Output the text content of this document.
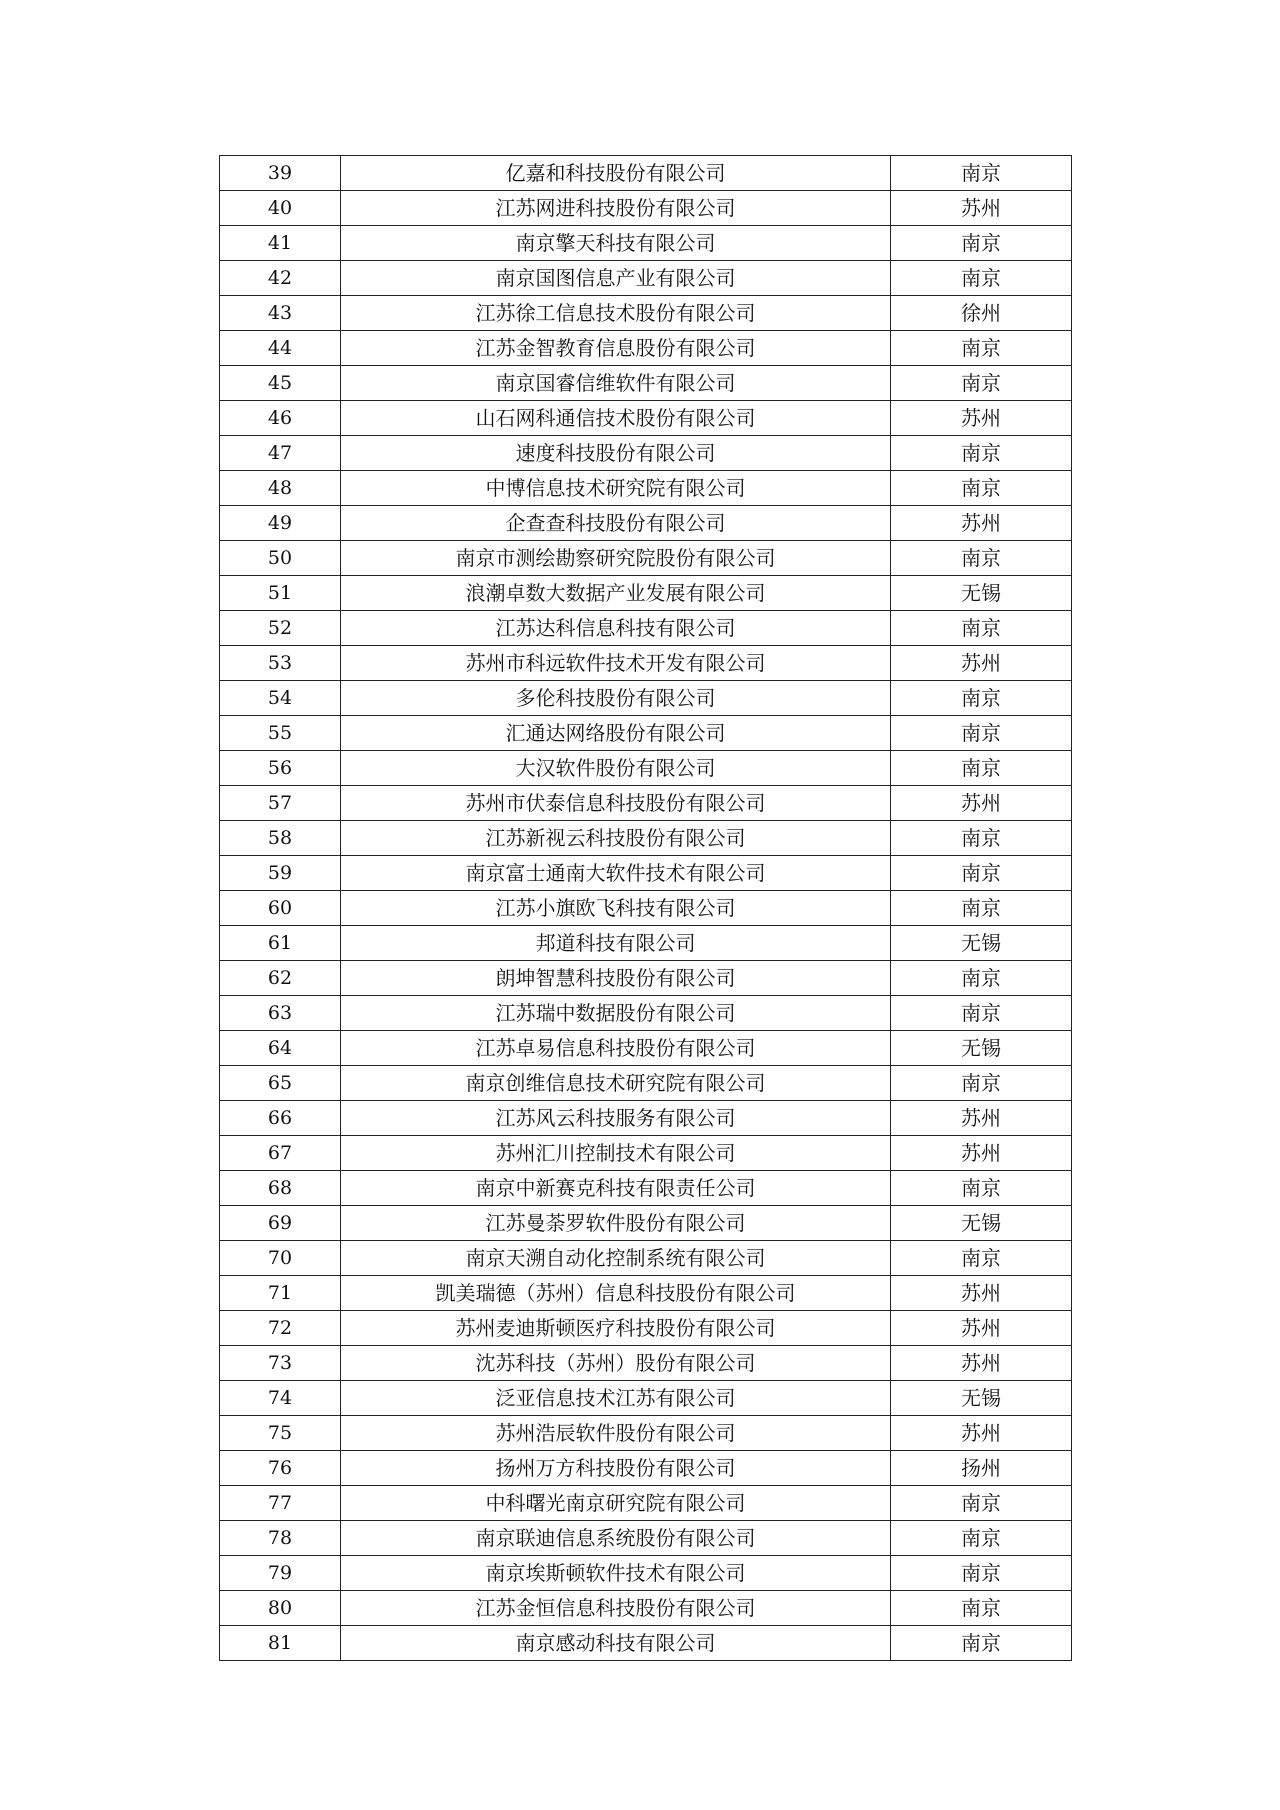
39	亿嘉和科技股份有限公司	南京
40	江苏网进科技股份有限公司	苏州
41	南京擎天科技有限公司	南京
42	南京国图信息产业有限公司	南京
43	江苏徐工信息技术股份有限公司	徐州
44	江苏金智教育信息股份有限公司	南京
45	南京国睿信维软件有限公司	南京
46	山石网科通信技术股份有限公司	苏州
47	速度科技股份有限公司	南京
48	中博信息技术研究院有限公司	南京
49	企查查科技股份有限公司	苏州
50	南京市测绘勘察研究院股份有限公司	南京
51	浪潮卓数大数据产业发展有限公司	无锡
52	江苏达科信息科技有限公司	南京
53	苏州市科远软件技术开发有限公司	苏州
54	多伦科技股份有限公司	南京
55	汇通达网络股份有限公司	南京
56	大汉软件股份有限公司	南京
57	苏州市伏泰信息科技股份有限公司	苏州
58	江苏新视云科技股份有限公司	南京
59	南京富士通南大软件技术有限公司	南京
60	江苏小旗欧飞科技有限公司	南京
61	邦道科技有限公司	无锡
62	朗坤智慧科技股份有限公司	南京
63	江苏瑞中数据股份有限公司	南京
64	江苏卓易信息科技股份有限公司	无锡
65	南京创维信息技术研究院有限公司	南京
66	江苏风云科技服务有限公司	苏州
67	苏州汇川控制技术有限公司	苏州
68	南京中新赛克科技有限责任公司	南京
69	江苏曼荼罗软件股份有限公司	无锡
70	南京天溯自动化控制系统有限公司	南京
71	凯美瑞德（苏州）信息科技股份有限公司	苏州
72	苏州麦迪斯顿医疗科技股份有限公司	苏州
73	沈苏科技（苏州）股份有限公司	苏州
74	泛亚信息技术江苏有限公司	无锡
75	苏州浩辰软件股份有限公司	苏州
76	扬州万方科技股份有限公司	扬州
77	中科曙光南京研究院有限公司	南京
78	南京联迪信息系统股份有限公司	南京
79	南京埃斯顿软件技术有限公司	南京
80	江苏金恒信息科技股份有限公司	南京
81	南京感动科技有限公司	南京
